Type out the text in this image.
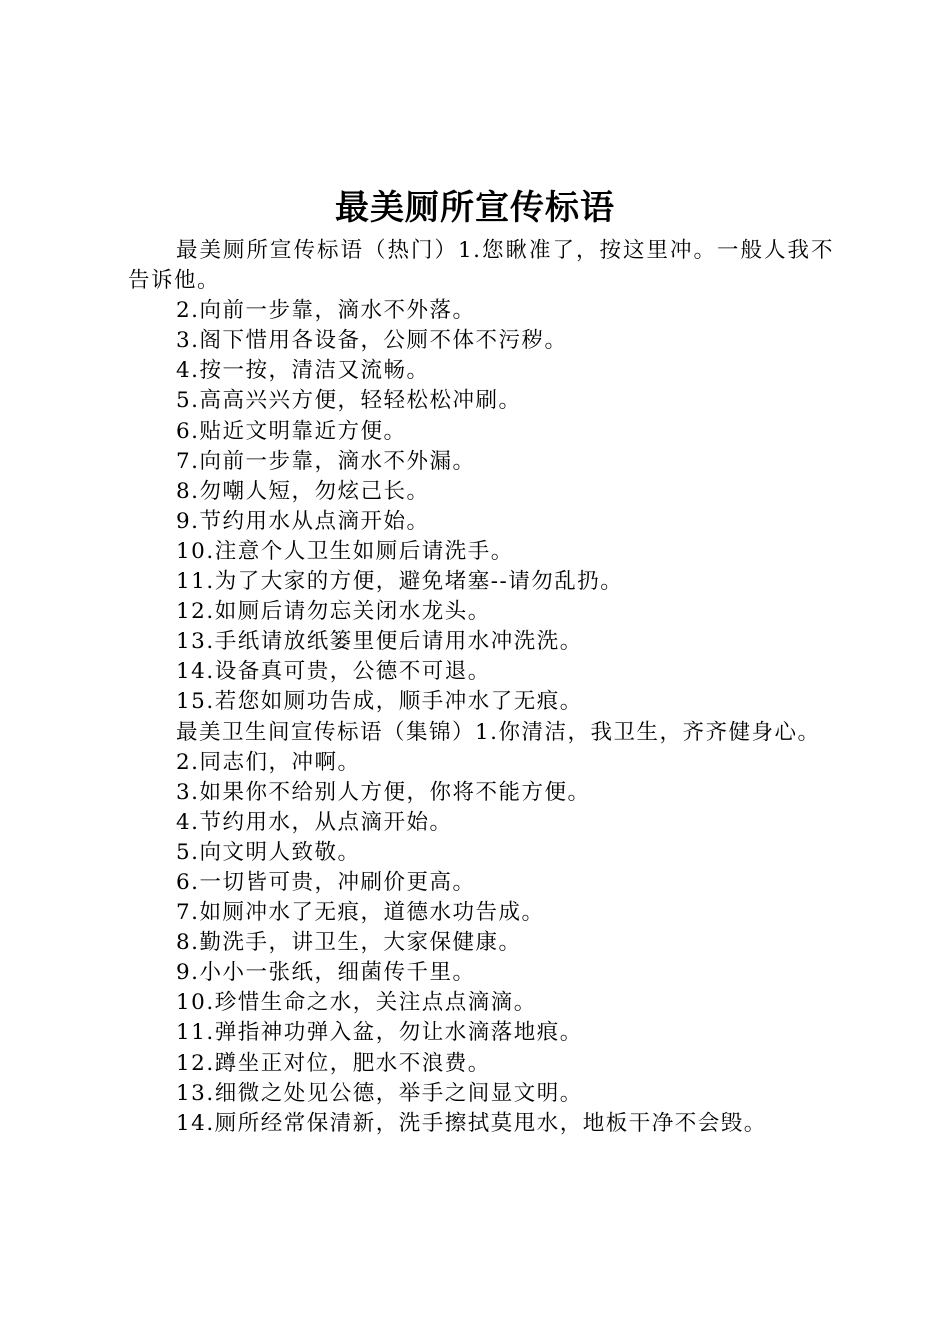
最美厕所宣传标语

最美厕所宣传标语（热门）1.您瞅准了，按这里冲。一般人我不告诉他。

2.向前一步靠，滴水不外落。

3.阁下惜用各设备，公厕不体不污秽。

4.按一按，清洁又流畅。

5.高高兴兴方便，轻轻松松冲刷。

6.贴近文明靠近方便。

7.向前一步靠，滴水不外漏。

8.勿嘲人短，勿炫己长。

9.节约用水从点滴开始。

10.注意个人卫生如厕后请洗手。

11.为了大家的方便，避免堵塞--请勿乱扔。

12.如厕后请勿忘关闭水龙头。

13.手纸请放纸篓里便后请用水冲洗洗。

14.设备真可贵，公德不可退。

15.若您如厕功告成，顺手冲水了无痕。

最美卫生间宣传标语（集锦）1.你清洁，我卫生，齐齐健身心。

2.同志们，冲啊。

3.如果你不给别人方便，你将不能方便。

4.节约用水，从点滴开始。

5.向文明人致敬。

6.一切皆可贵，冲刷价更高。

7.如厕冲水了无痕，道德水功告成。

8.勤洗手，讲卫生，大家保健康。

9.小小一张纸，细菌传千里。

10.珍惜生命之水，关注点点滴滴。

11.弹指神功弹入盆，勿让水滴落地痕。

12.蹲坐正对位，肥水不浪费。

13.细微之处见公德，举手之间显文明。

14.厕所经常保清新，洗手擦拭莫甩水，地板干净不会毁。
